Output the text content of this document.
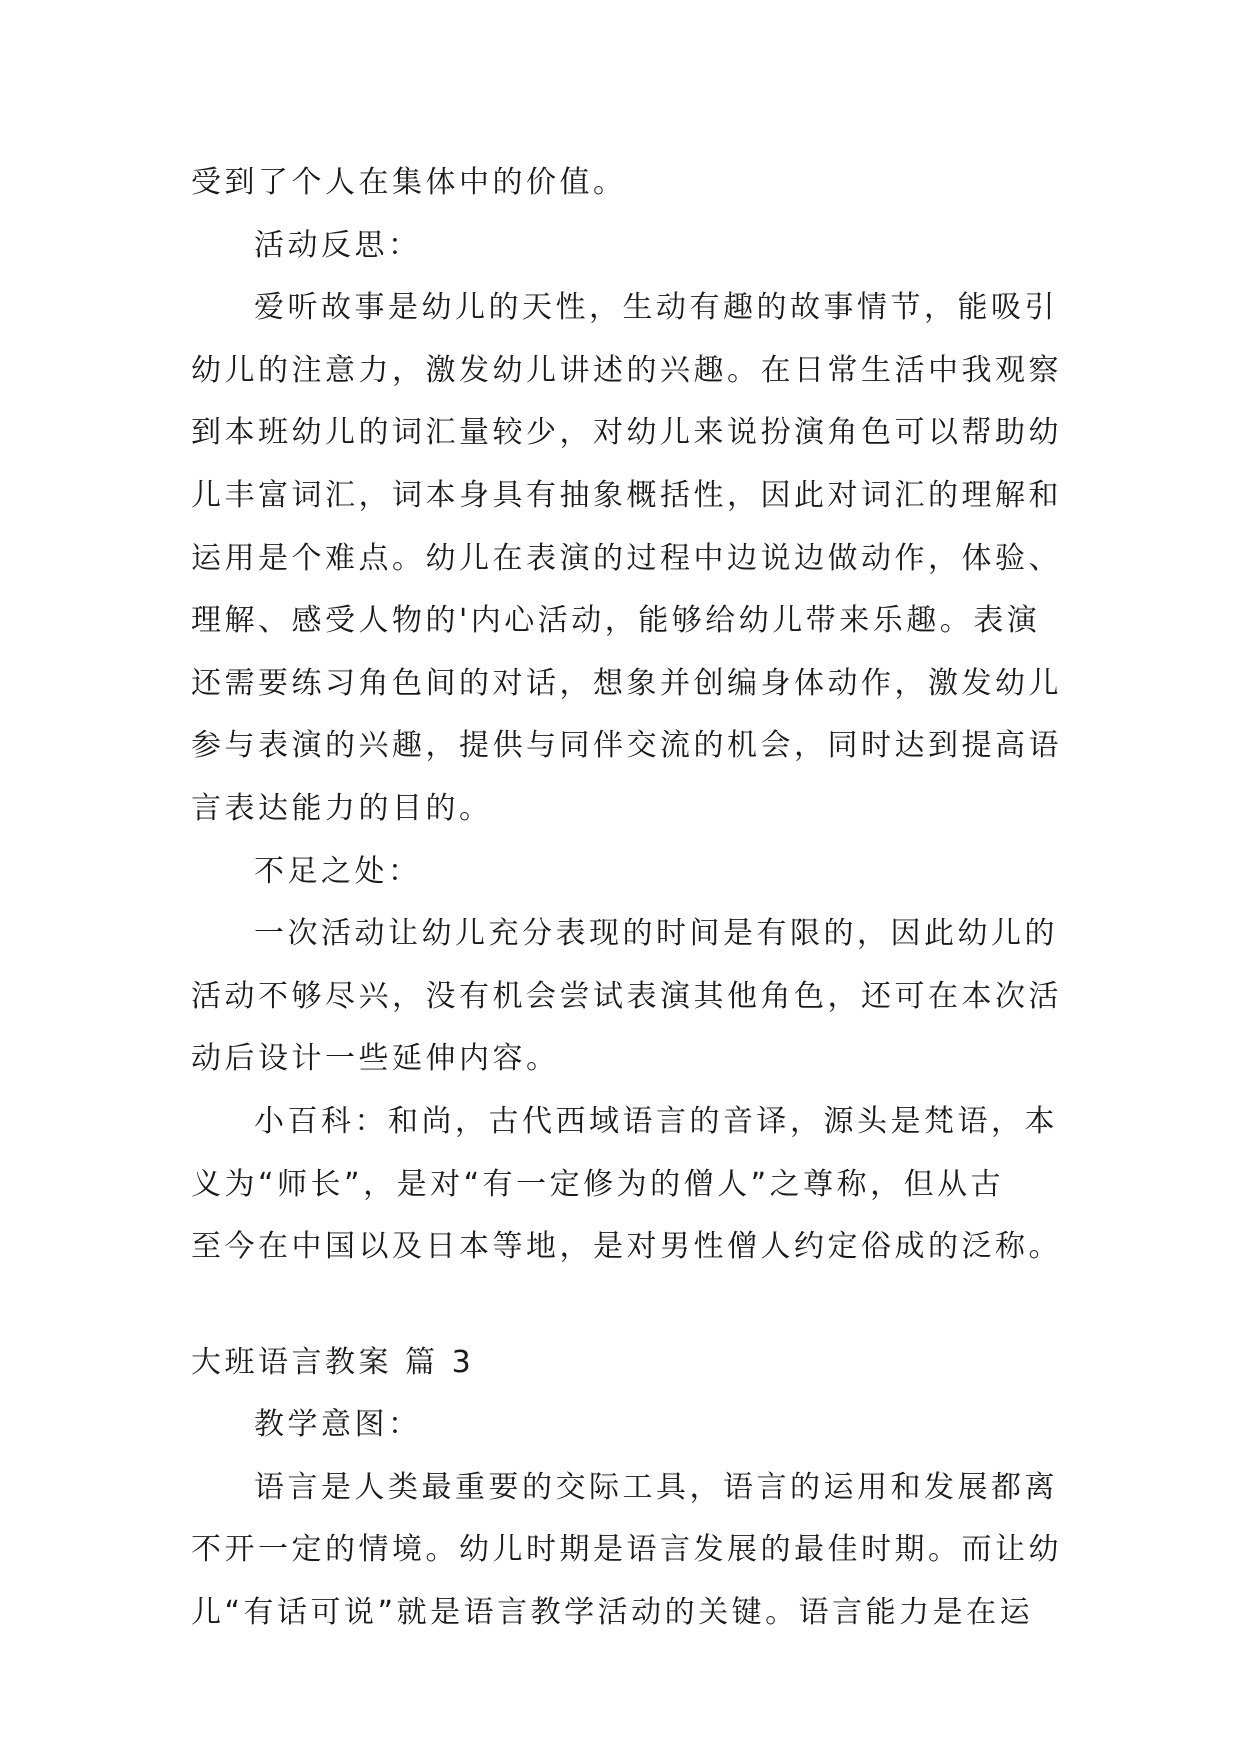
受到了个人在集体中的价值。
活动反思：
爱听故事是幼儿的天性，生动有趣的故事情节，能吸引
幼儿的注意力，激发幼儿讲述的兴趣。在日常生活中我观察
到本班幼儿的词汇量较少，对幼儿来说扮演角色可以帮助幼
儿丰富词汇，词本身具有抽象概括性，因此对词汇的理解和
运用是个难点。幼儿在表演的过程中边说边做动作，体验、
理解、感受人物的'内心活动，能够给幼儿带来乐趣。表演
还需要练习角色间的对话，想象并创编身体动作，激发幼儿
参与表演的兴趣，提供与同伴交流的机会，同时达到提高语
言表达能力的目的。
不足之处：
一次活动让幼儿充分表现的时间是有限的，因此幼儿的
活动不够尽兴，没有机会尝试表演其他角色，还可在本次活
动后设计一些延伸内容。
小百科：和尚，古代西域语言的音译，源头是梵语，本
义为“师长”，是对“有一定修为的僧人”之尊称，但从古
至今在中国以及日本等地，是对男性僧人约定俗成的泛称。
大班语言教案 篇 3
教学意图：
语言是人类最重要的交际工具，语言的运用和发展都离
不开一定的情境。幼儿时期是语言发展的最佳时期。而让幼
儿“有话可说”就是语言教学活动的关键。语言能力是在运
